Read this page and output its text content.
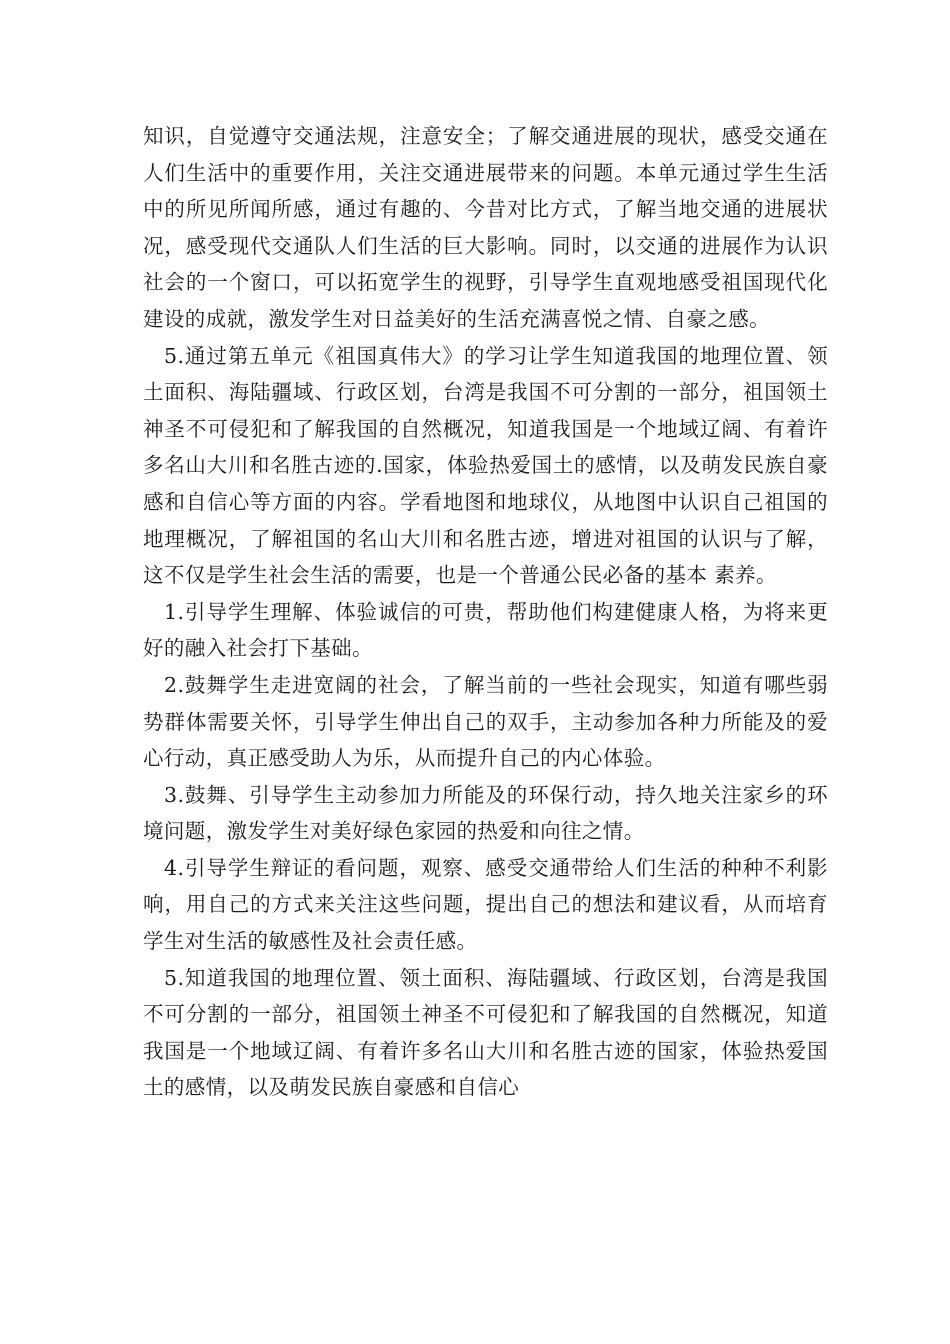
知识，自觉遵守交通法规，注意安全；了解交通进展的现状，感受交通在人们生活中的重要作用，关注交通进展带来的问题。本单元通过学生生活中的所见所闻所感，通过有趣的、今昔对比方式，了解当地交通的进展状况，感受现代交通队人们生活的巨大影响。同时，以交通的进展作为认识社会的一个窗口，可以拓宽学生的视野，引导学生直观地感受祖国现代化建设的成就，激发学生对日益美好的生活充满喜悦之情、自豪之感。

5.通过第五单元《祖国真伟大》的学习让学生知道我国的地理位置、领土面积、海陆疆域、行政区划，台湾是我国不可分割的一部分，祖国领土神圣不可侵犯和了解我国的自然概况，知道我国是一个地域辽阔、有着许多名山大川和名胜古迹的.国家，体验热爱国土的感情，以及萌发民族自豪感和自信心等方面的内容。学看地图和地球仪，从地图中认识自己祖国的地理概况，了解祖国的名山大川和名胜古迹，增进对祖国的认识与了解，这不仅是学生社会生活的需要，也是一个普通公民必备的基本 素养。

1.引导学生理解、体验诚信的可贵，帮助他们构建健康人格，为将来更好的融入社会打下基础。

2.鼓舞学生走进宽阔的社会，了解当前的一些社会现实，知道有哪些弱势群体需要关怀，引导学生伸出自己的双手，主动参加各种力所能及的爱心行动，真正感受助人为乐，从而提升自己的内心体验。

3.鼓舞、引导学生主动参加力所能及的环保行动，持久地关注家乡的环境问题，激发学生对美好绿色家园的热爱和向往之情。

4.引导学生辩证的看问题，观察、感受交通带给人们生活的种种不利影响，用自己的方式来关注这些问题，提出自己的想法和建议看，从而培育学生对生活的敏感性及社会责任感。

5.知道我国的地理位置、领土面积、海陆疆域、行政区划，台湾是我国不可分割的一部分，祖国领土神圣不可侵犯和了解我国的自然概况，知道我国是一个地域辽阔、有着许多名山大川和名胜古迹的国家，体验热爱国土的感情，以及萌发民族自豪感和自信心
